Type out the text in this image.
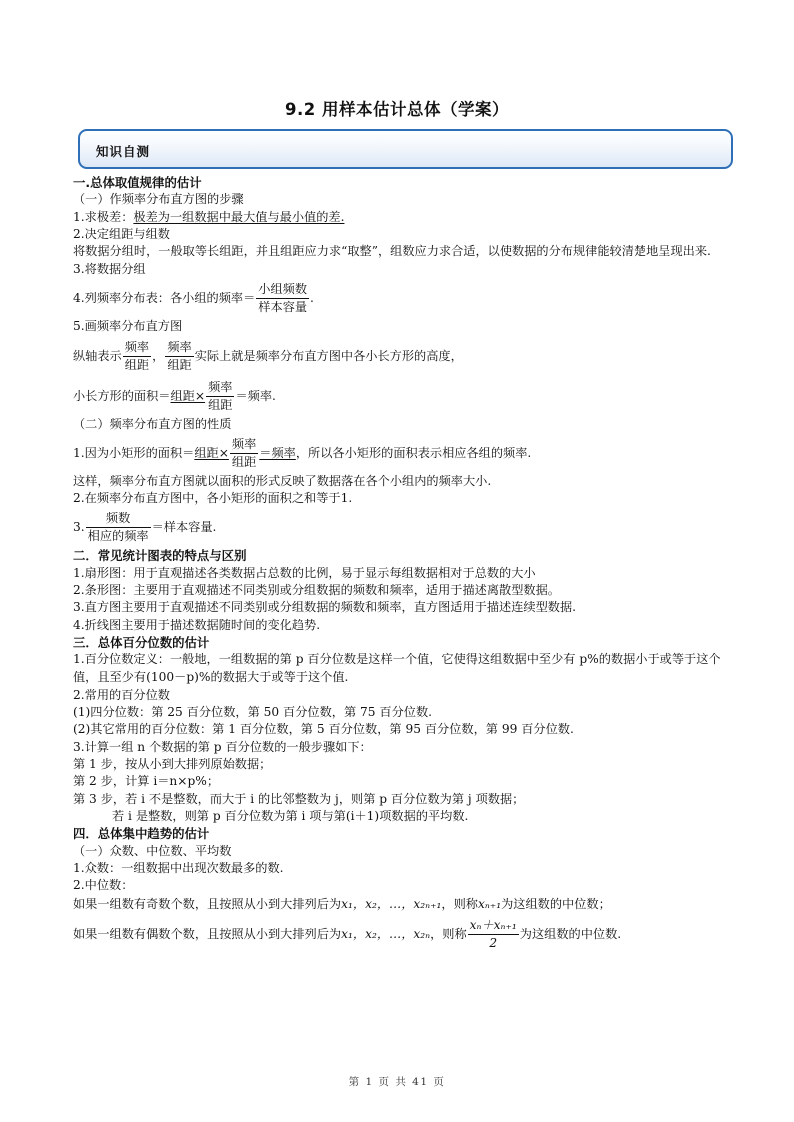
9.2 用样本估计总体（学案）
知识自测
一.总体取值规律的估计
（一）作频率分布直方图的步骤
1.求极差：极差为一组数据中最大值与最小值的差.
2.决定组距与组数
将数据分组时，一般取等长组距，并且组距应力求“取整”，组数应力求合适，以使数据的分布规律能较清楚地呈现出来.
3.将数据分组
4.列频率分布表：各小组的频率＝ $\frac{\text{小组频数}}{\text{样本容量}}$ .
5.画频率分布直方图
纵轴表示 $\frac{\text{频率}}{\text{组距}}$ ， $\frac{\text{频率}}{\text{组距}}$ 实际上就是频率分布直方图中各小长方形的高度，
小长方形的面积＝组距× $\frac{\text{频率}}{\text{组距}}$ ＝频率.
（二）频率分布直方图的性质
1.因为小矩形的面积＝组距× $\frac{\text{频率}}{\text{组距}}$ ＝频率，所以各小矩形的面积表示相应各组的频率.
这样，频率分布直方图就以面积的形式反映了数据落在各个小组内的频率大小.
2.在频率分布直方图中，各小矩形的面积之和等于1.
3. $\frac{\text{频数}}{\text{相应的频率}}$ ＝样本容量.
二．常见统计图表的特点与区别
1.扇形图：用于直观描述各类数据占总数的比例，易于显示每组数据相对于总数的大小
2.条形图：主要用于直观描述不同类别或分组数据的频数和频率，适用于描述离散型数据。
3.直方图主要用于直观描述不同类别或分组数据的频数和频率，直方图适用于描述连续型数据.
4.折线图主要用于描述数据随时间的变化趋势.
三．总体百分位数的估计
1.百分位数定义：一般地，一组数据的第 p 百分位数是这样一个值，它使得这组数据中至少有 p%的数据小于或等于这个值，且至少有(100－p)%的数据大于或等于这个值.
2.常用的百分位数
(1)四分位数：第 25 百分位数，第 50 百分位数，第 75 百分位数.
(2)其它常用的百分位数：第 1 百分位数，第 5 百分位数，第 95 百分位数，第 99 百分位数.
3.计算一组 n 个数据的第 p 百分位数的一般步骤如下：
第 1 步，按从小到大排列原始数据；
第 2 步，计算 i＝n×p%；
第 3 步，若 i 不是整数，而大于 i 的比邻整数为 j，则第 p 百分位数为第 j 项数据；
若 i 是整数，则第 p 百分位数为第 i 项与第(i＋1)项数据的平均数.
四．总体集中趋势的估计
（一）众数、中位数、平均数
1.众数：一组数据中出现次数最多的数.
2.中位数：
如果一组数有奇数个数，且按照从小到大排列后为x₁，x₂，…，x₂ₙ₊₁，则称xₙ₊₁为这组数的中位数；
如果一组数有偶数个数，且按照从小到大排列后为x₁，x₂，…，x₂ₙ，则称 $\frac{\text{xₙ＋xₙ₊₁}}{2}$ 为这组数的中位数.
第 1 页 共 41 页
